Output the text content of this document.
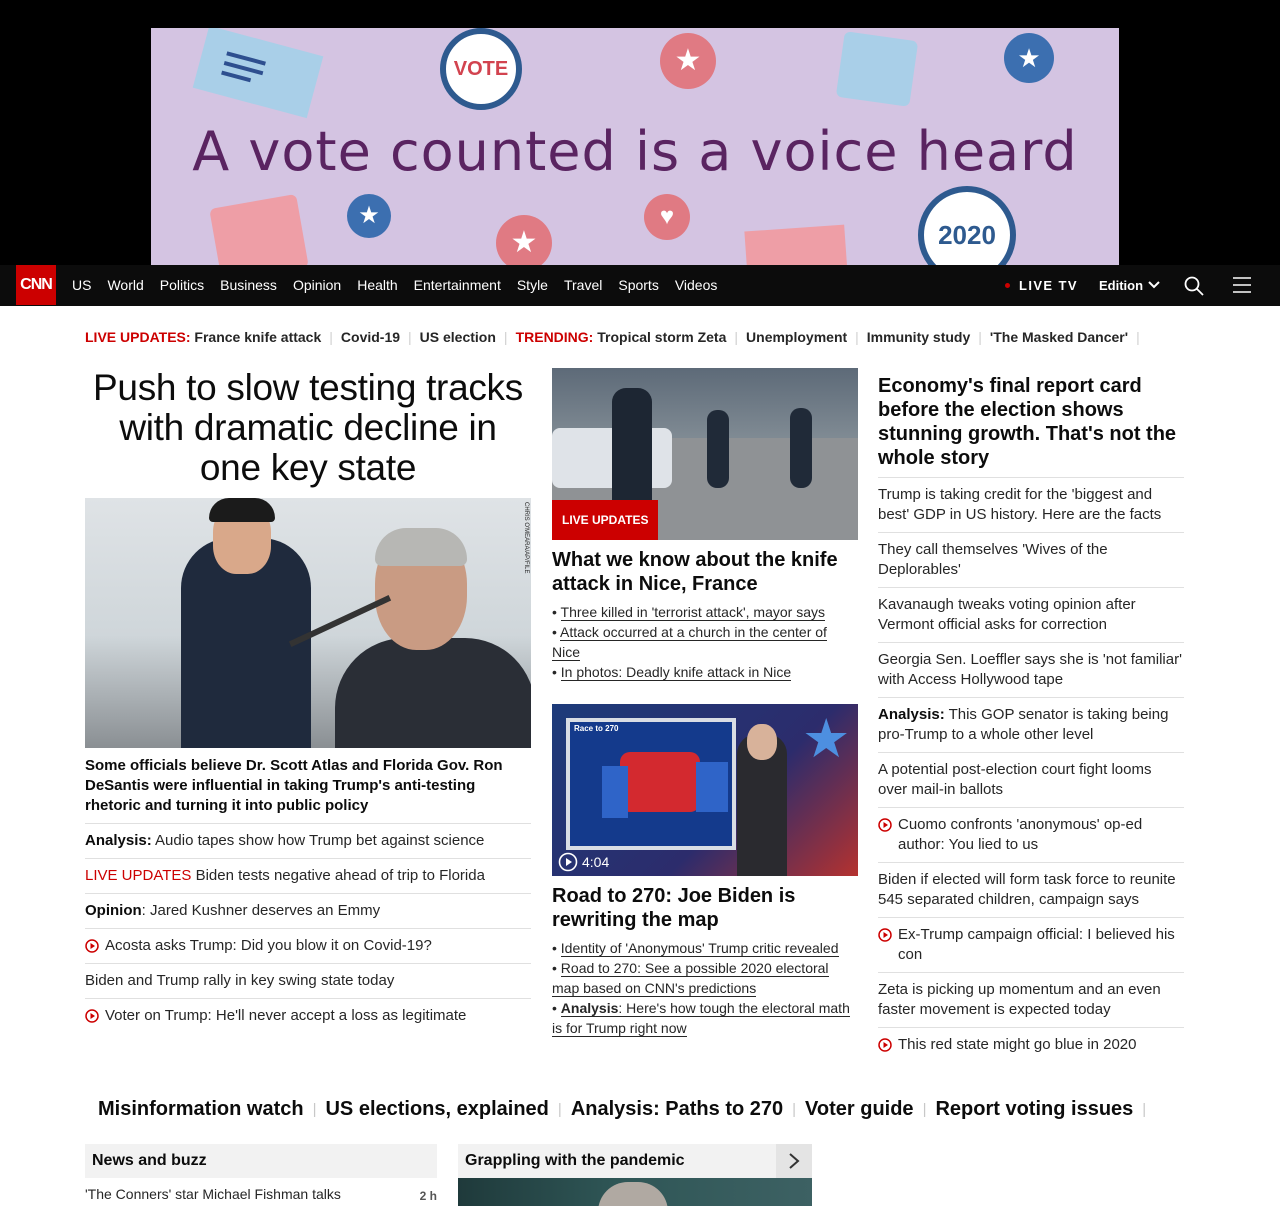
VOTE	★	★
A vote counted is a voice heard
★
★
♥
2020
CNN	US	World	Politics	Business	Opinion	Health	Entertainment	Style	Travel	Sports	Videos	LIVE TV Edition
LIVE UPDATES:
France knife attack | Covid-19 | US election | TRENDING:
Tropical storm Zeta | Unemployment | Immunity study | 'The Masked Dancer' |
Push to slow testing tracks with dramatic decline in one key state
CHRIS O'MEARA/AP/FILE
Some officials believe Dr. Scott Atlas and Florida Gov. Ron DeSantis were influential in taking Trump's anti-testing rhetoric and turning it into public policy
Analysis: Audio tapes show how Trump bet against science
LIVE UPDATES Biden tests negative ahead of trip to Florida
Opinion: Jared Kushner deserves an Emmy
Acosta asks Trump: Did you blow it on Covid-19?
Biden and Trump rally in key swing state today
Voter on Trump: He'll never accept a loss as legitimate
LIVE UPDATES
What we know about the knife attack in Nice, France
• Three killed in 'terrorist attack', mayor says
• Attack occurred at a church in the center of Nice
• In photos: Deadly knife attack in Nice
Race to 270	★
4:04
Road to 270: Joe Biden is rewriting the map
• Identity of 'Anonymous' Trump critic revealed
• Road to 270: See a possible 2020 electoral map based on CNN's predictions
• Analysis: Here's how tough the electoral math is for Trump right now
Economy's final report card before the election shows stunning growth. That's not the whole story
Trump is taking credit for the 'biggest and best' GDP in US history. Here are the facts
They call themselves 'Wives of the Deplorables'
Kavanaugh tweaks voting opinion after Vermont official asks for correction
Georgia Sen. Loeffler says she is 'not familiar' with Access Hollywood tape
Analysis: This GOP senator is taking being pro-Trump to a whole other level
A potential post-election court fight looms over mail-in ballots
Cuomo confronts 'anonymous' op-ed author: You lied to us
Biden if elected will form task force to reunite 545 separated children, campaign says
Ex-Trump campaign official: I believed his con
Zeta is picking up momentum and an even faster movement is expected today
This red state might go blue in 2020
Misinformation watch | US elections, explained | Analysis: Paths to 270 | Voter guide | Report voting issues |
News and buzz
'The Conners' star Michael Fishman talks	2 h
Grappling with the pandemic
